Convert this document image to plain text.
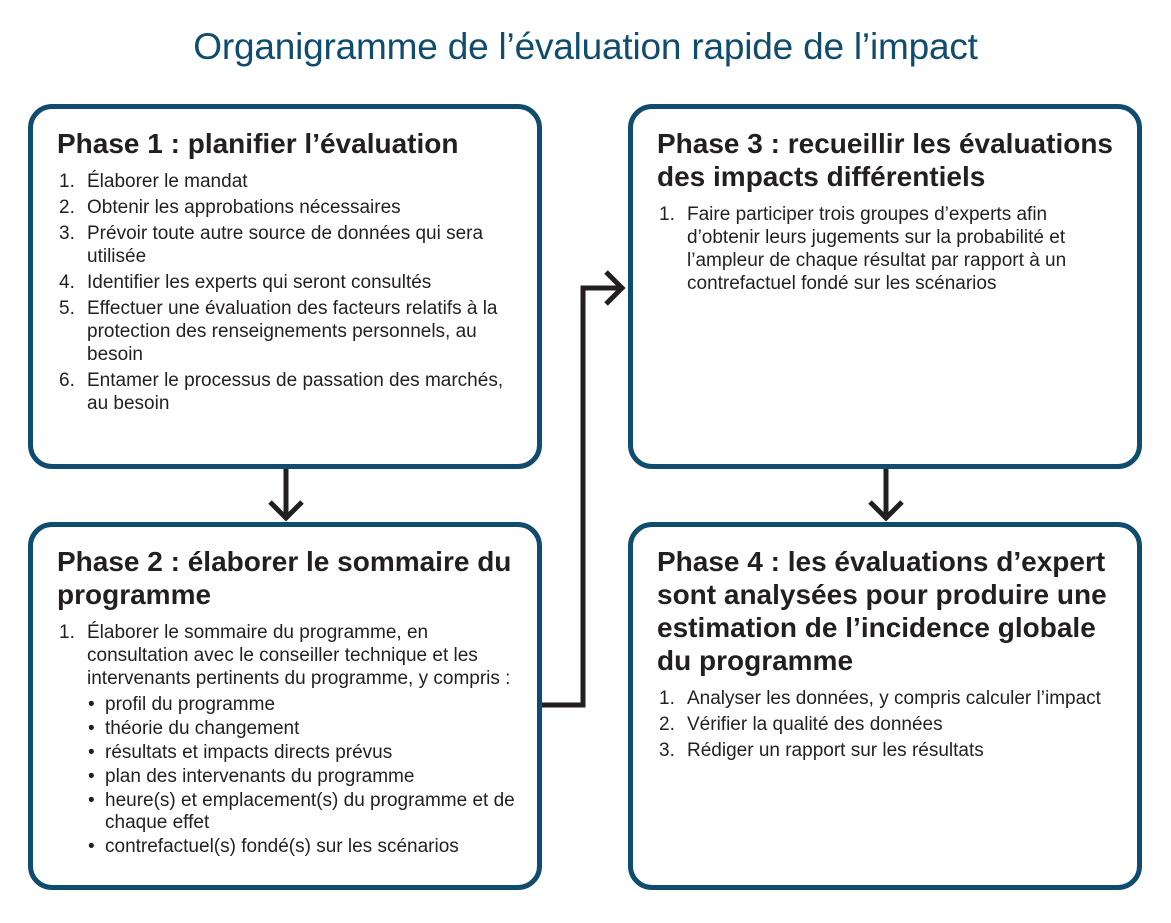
Organigramme de l’évaluation rapide de l’impact
Phase 1 : planifier l’évaluation
1. Élaborer le mandat
2. Obtenir les approbations nécessaires
3. Prévoir toute autre source de données qui sera utilisée
4. Identifier les experts qui seront consultés
5. Effectuer une évaluation des facteurs relatifs à la protection des renseignements personnels, au besoin
6. Entamer le processus de passation des marchés, au besoin
Phase 2 : élaborer le sommaire du programme
1. Élaborer le sommaire du programme, en consultation avec le conseiller technique et les intervenants pertinents du programme, y compris :
• profil du programme
• théorie du changement
• résultats et impacts directs prévus
• plan des intervenants du programme
• heure(s) et emplacement(s) du programme et de chaque effet
• contrefactuel(s) fondé(s) sur les scénarios
Phase 3 : recueillir les évaluations des impacts différentiels
1. Faire participer trois groupes d’experts afin d’obtenir leurs jugements sur la probabilité et l’ampleur de chaque résultat par rapport à un contrefactuel fondé sur les scénarios
Phase 4 : les évaluations d’expert sont analysées pour produire une estimation de l’incidence globale du programme
1. Analyser les données, y compris calculer l’impact
2. Vérifier la qualité des données
3. Rédiger un rapport sur les résultats
